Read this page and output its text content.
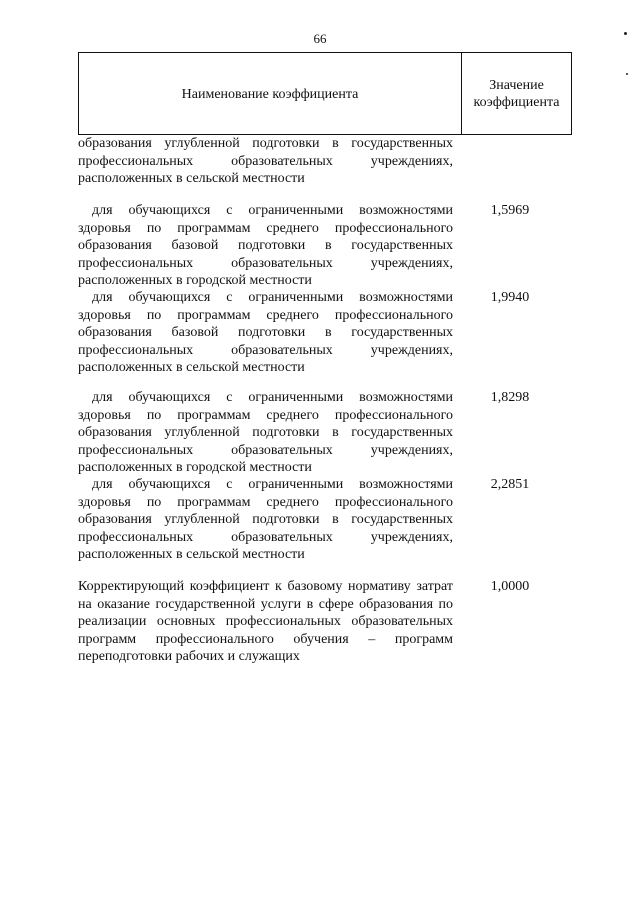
66
Наименование коэффициента
Значение
коэффициента
образования углубленной подготовки в государственных профессиональных образовательных учреждениях, расположенных в сельской местности
для обучающихся с ограниченными возможностями здоровья по программам среднего профессионального образования базовой подготовки в государственных профессиональных образовательных учреждениях, расположенных в городской местности
1,5969
для обучающихся с ограниченными возможностями здоровья по программам среднего профессионального образования базовой подготовки в государственных профессиональных образовательных учреждениях, расположенных в сельской местности
1,9940
для обучающихся с ограниченными возможностями здоровья по программам среднего профессионального образования углубленной подготовки в государственных профессиональных образовательных учреждениях, расположенных в городской местности
1,8298
для обучающихся с ограниченными возможностями здоровья по программам среднего профессионального образования углубленной подготовки в государственных профессиональных образовательных учреждениях, расположенных в сельской местности
2,2851
Корректирующий коэффициент к базовому нормативу затрат на оказание государственной услуги в сфере образования по реализации основных профессиональных образовательных программ профессионального обучения – программ переподготовки рабочих и служащих
1,0000
